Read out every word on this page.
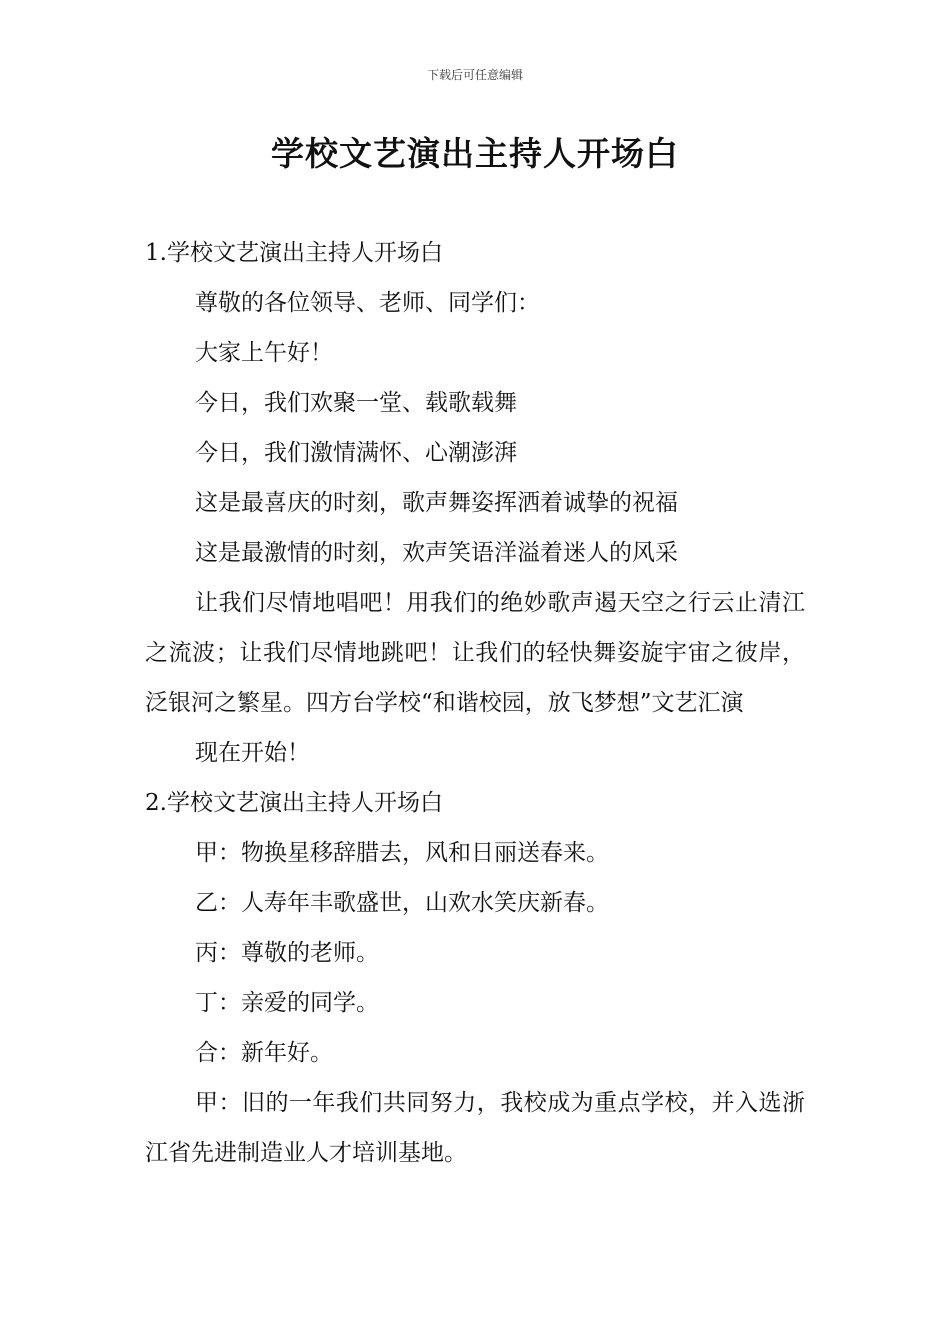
下载后可任意编辑
学校文艺演出主持人开场白

1.学校文艺演出主持人开场白

尊敬的各位领导、老师、同学们：

大家上午好！

今日，我们欢聚一堂、载歌载舞

今日，我们激情满怀、心潮澎湃

这是最喜庆的时刻，歌声舞姿挥洒着诚挚的祝福

这是最激情的时刻，欢声笑语洋溢着迷人的风采

让我们尽情地唱吧！用我们的绝妙歌声遏天空之行云止清江之流波；让我们尽情地跳吧！让我们的轻快舞姿旋宇宙之彼岸，泛银河之繁星。四方台学校“和谐校园，放飞梦想”文艺汇演

现在开始！

2.学校文艺演出主持人开场白

甲：物换星移辞腊去，风和日丽送春来。

乙：人寿年丰歌盛世，山欢水笑庆新春。

丙：尊敬的老师。

丁：亲爱的同学。

合：新年好。

甲：旧的一年我们共同努力，我校成为重点学校，并入选浙江省先进制造业人才培训基地。
